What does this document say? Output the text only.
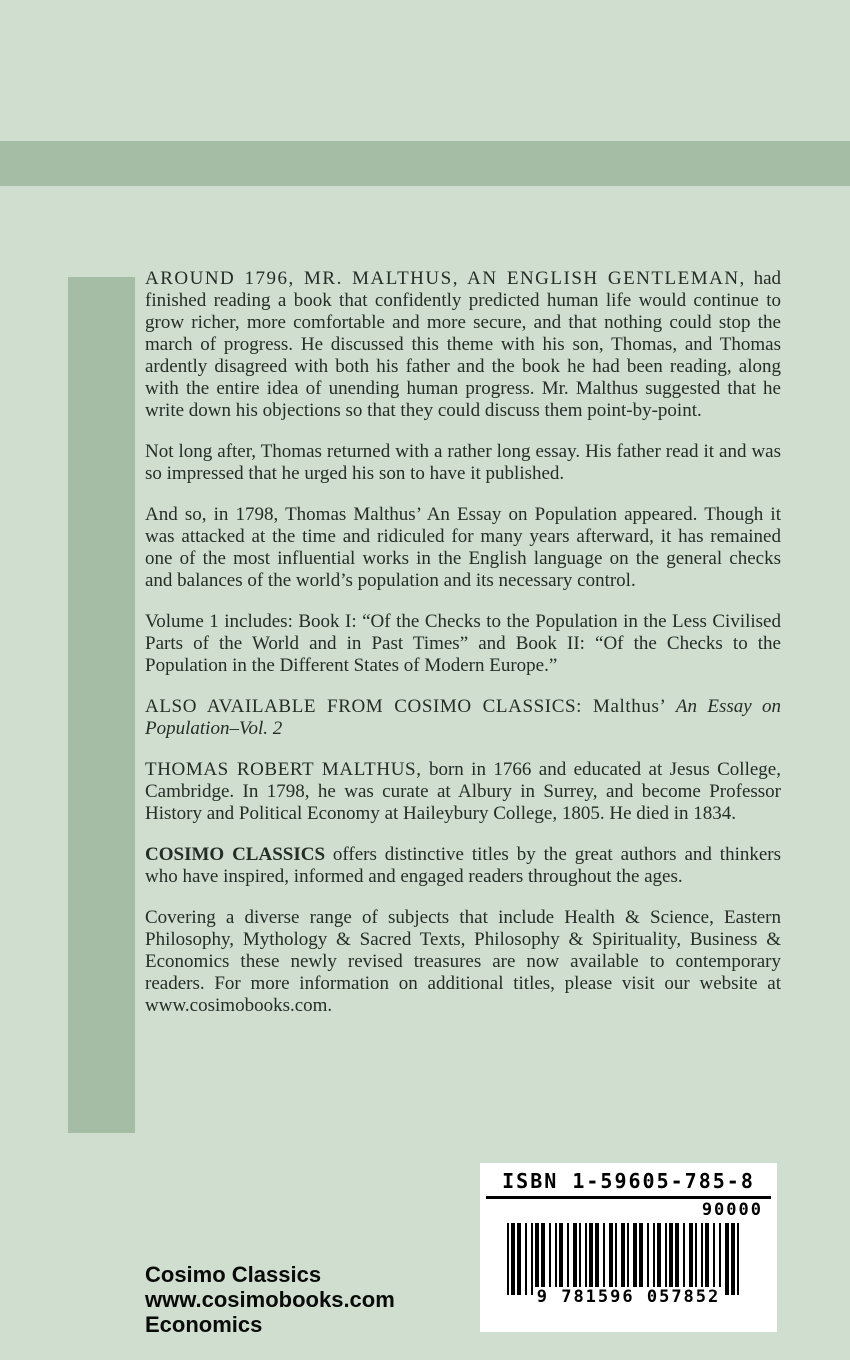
AROUND 1796, MR. MALTHUS, AN ENGLISH GENTLEMAN, had finished reading a book that confidently predicted human life would continue to grow richer, more comfortable and more secure, and that nothing could stop the march of progress. He discussed this theme with his son, Thomas, and Thomas ardently disagreed with both his father and the book he had been reading, along with the entire idea of unending human progress. Mr. Malthus suggested that he write down his objections so that they could discuss them point-by-point.

Not long after, Thomas returned with a rather long essay. His father read it and was so impressed that he urged his son to have it published.

And so, in 1798, Thomas Malthus’ An Essay on Population appeared. Though it was attacked at the time and ridiculed for many years afterward, it has remained one of the most influential works in the English language on the general checks and balances of the world’s population and its necessary control.

Volume 1 includes: Book I: “Of the Checks to the Population in the Less Civilised Parts of the World and in Past Times” and Book II: “Of the Checks to the Population in the Different States of Modern Europe.”

ALSO AVAILABLE FROM COSIMO CLASSICS: Malthus’ An Essay on Population–Vol. 2

THOMAS ROBERT MALTHUS, born in 1766 and educated at Jesus College, Cambridge. In 1798, he was curate at Albury in Surrey, and become Professor History and Political Economy at Haileybury College, 1805. He died in 1834.

COSIMO CLASSICS offers distinctive titles by the great authors and thinkers who have inspired, informed and engaged readers throughout the ages.

Covering a diverse range of subjects that include Health & Science, Eastern Philosophy, Mythology & Sacred Texts, Philosophy & Spirituality, Business & Economics these newly revised treasures are now available to contemporary readers. For more information on additional titles, please visit our website at www.cosimobooks.com.

Cosimo Classics
www.cosimobooks.com
Economics
ISBN 1-59605-785-8
90000
9 781596 057852
